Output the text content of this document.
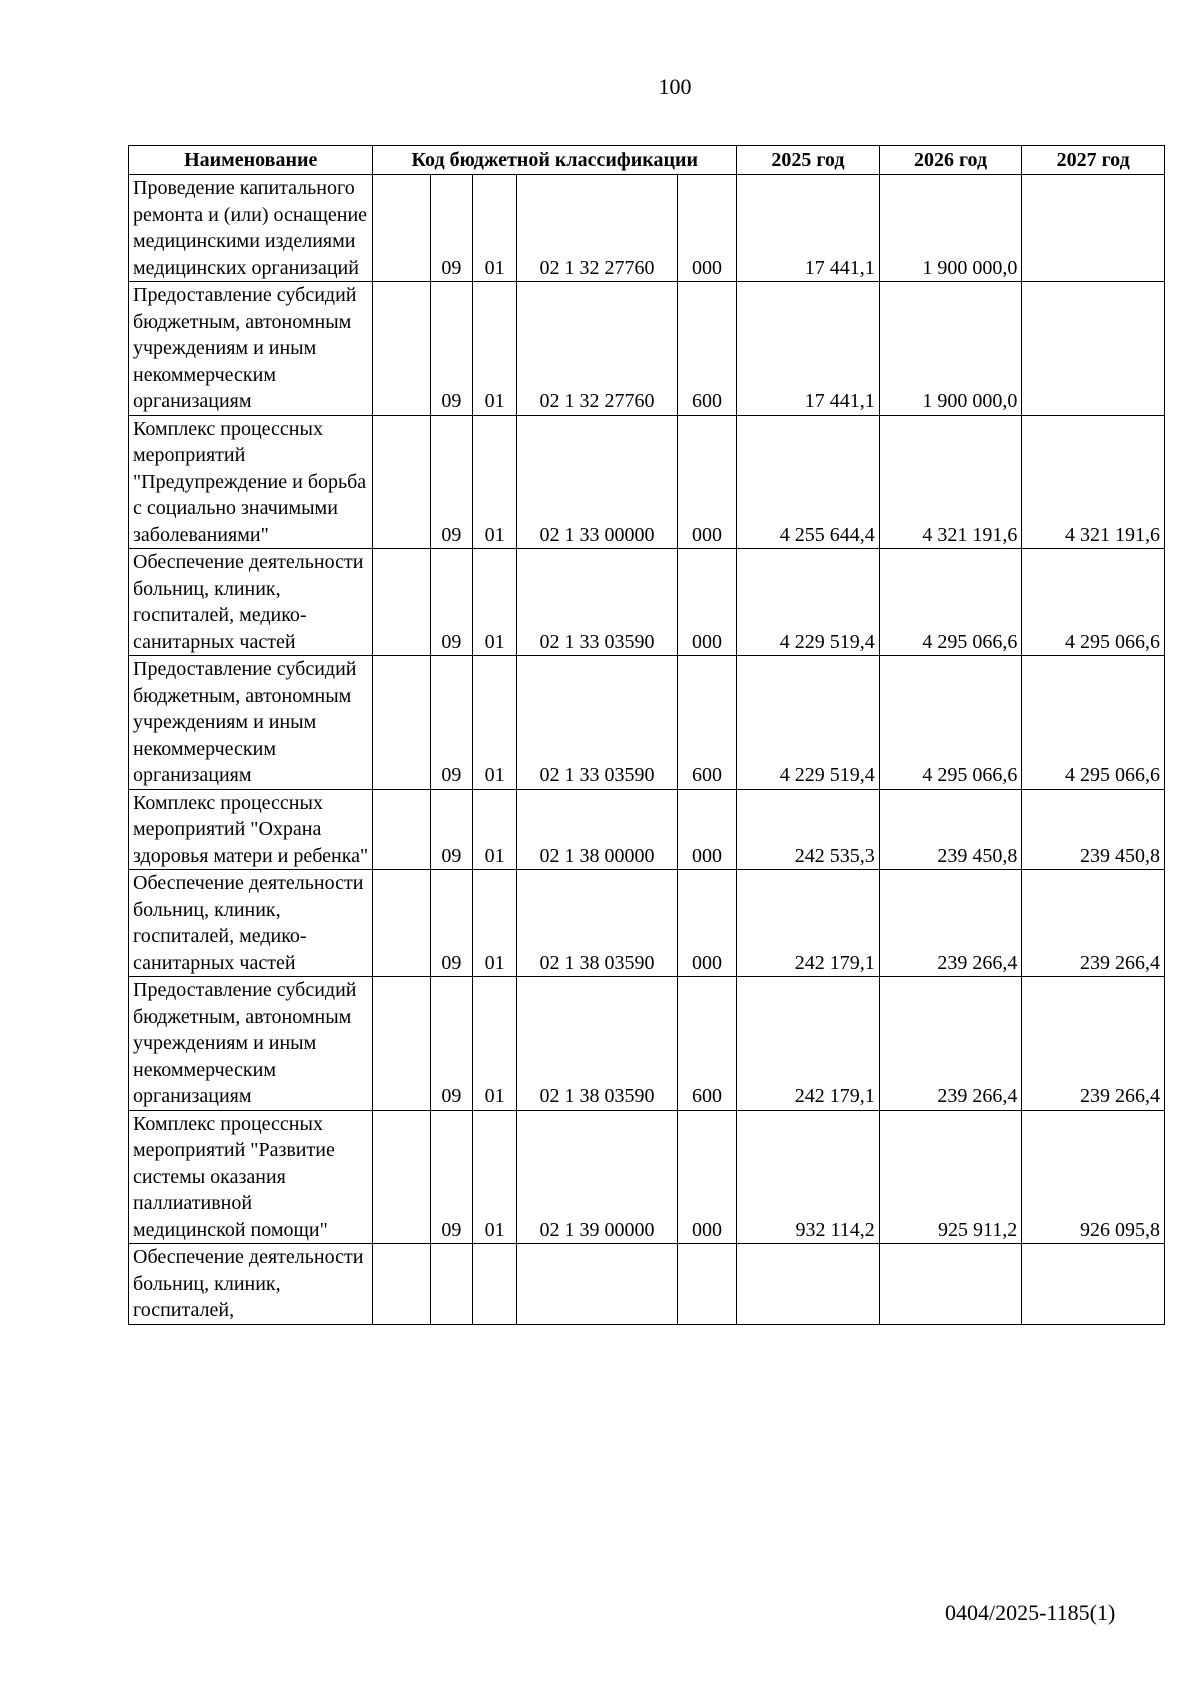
100
Наименование	Код бюджетной классификации					2025 год	2026 год	2027 год
Проведение капитального ремонта и (или) оснащение медицинскими изделиями медицинских организаций		09	01	02 1 32 27760	000	17 441,1	1 900 000,0	
Предоставление субсидий бюджетным, автономным учреждениям и иным некоммерческим организациям		09	01	02 1 32 27760	600	17 441,1	1 900 000,0	
Комплекс процессных мероприятий "Предупреждение и борьба с социально значимыми заболеваниями"		09	01	02 1 33 00000	000	4 255 644,4	4 321 191,6	4 321 191,6
Обеспечение деятельности больниц, клиник, госпиталей, медико-санитарных частей		09	01	02 1 33 03590	000	4 229 519,4	4 295 066,6	4 295 066,6
Предоставление субсидий бюджетным, автономным учреждениям и иным некоммерческим организациям		09	01	02 1 33 03590	600	4 229 519,4	4 295 066,6	4 295 066,6
Комплекс процессных мероприятий "Охрана здоровья матери и ребенка"		09	01	02 1 38 00000	000	242 535,3	239 450,8	239 450,8
Обеспечение деятельности больниц, клиник, госпиталей, медико-санитарных частей		09	01	02 1 38 03590	000	242 179,1	239 266,4	239 266,4
Предоставление субсидий бюджетным, автономным учреждениям и иным некоммерческим организациям		09	01	02 1 38 03590	600	242 179,1	239 266,4	239 266,4
Комплекс процессных мероприятий "Развитие системы оказания паллиативной медицинской помощи"		09	01	02 1 39 00000	000	932 114,2	925 911,2	926 095,8
Обеспечение деятельности больниц, клиник, госпиталей,								
0404/2025-1185(1)
